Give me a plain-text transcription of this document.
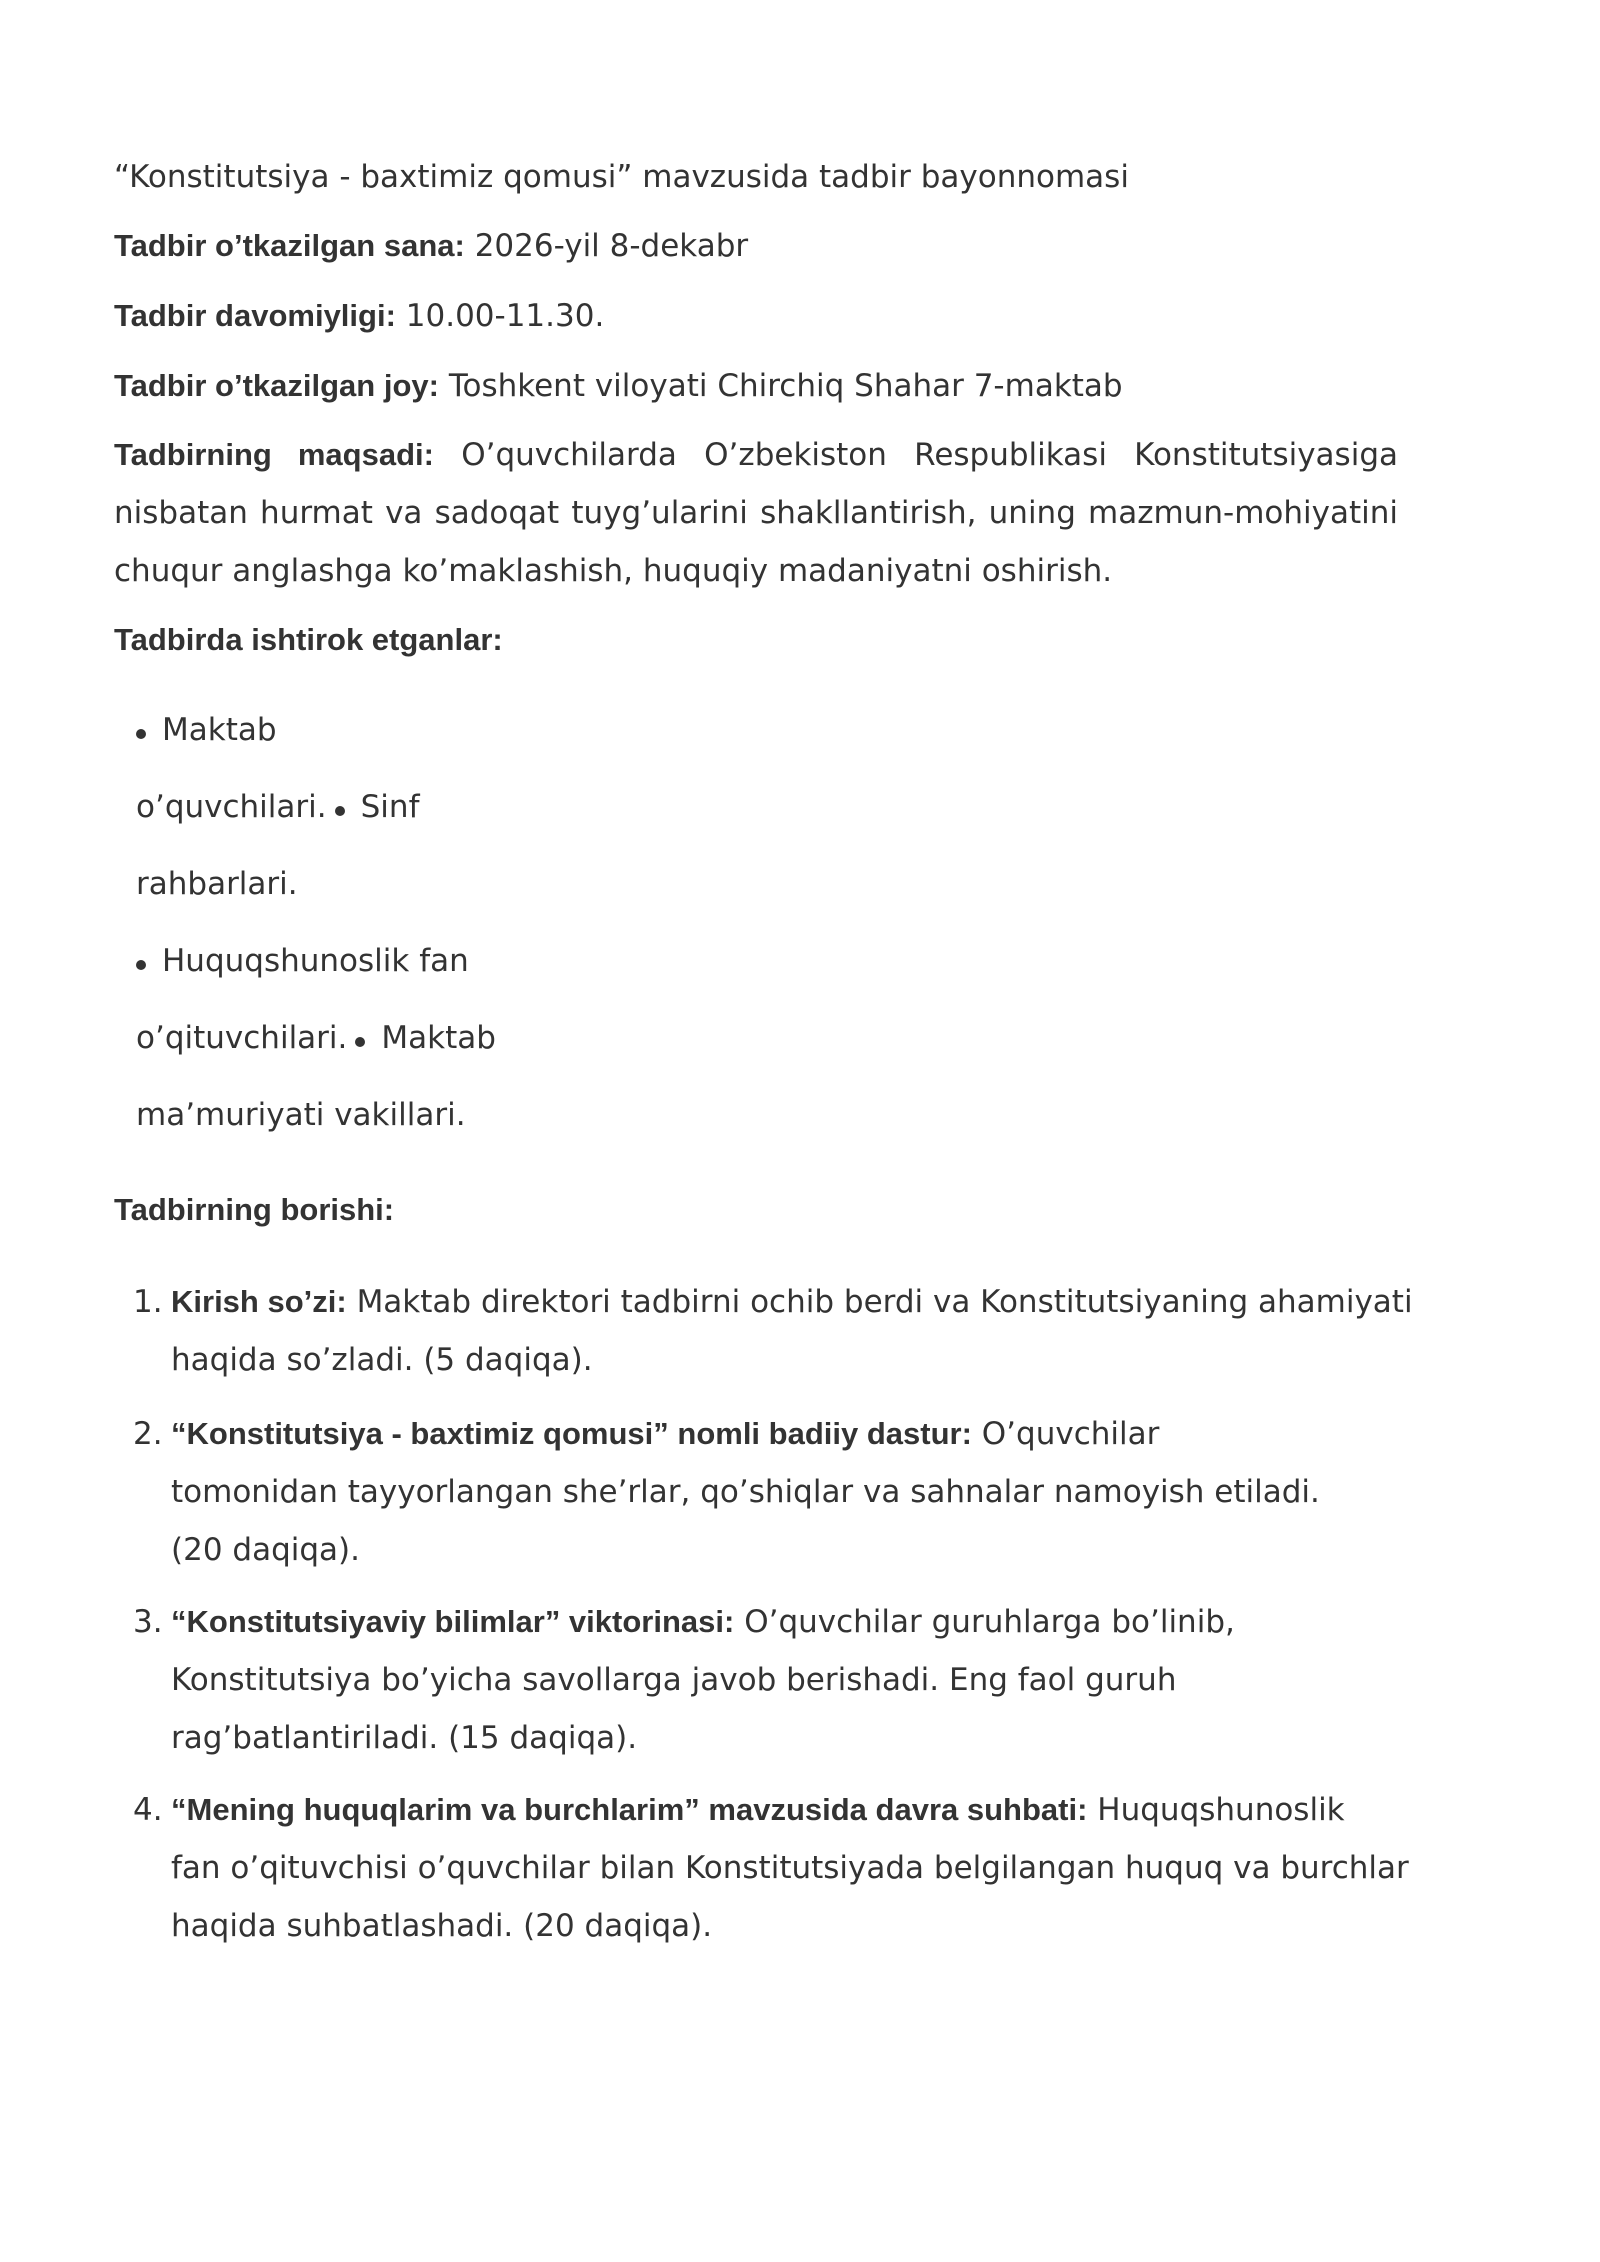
“Konstitutsiya - baxtimiz qomusi” mavzusida tadbir bayonnomasi
Tadbir o’tkazilgan sana: 2026-yil 8-dekabr
Tadbir davomiyligi: 10.00-11.30.
Tadbir o’tkazilgan joy: Toshkent viloyati Chirchiq Shahar 7-maktab
Tadbirning maqsadi: O’quvchilarda O’zbekiston Respublikasi Konstitutsiyasiga nisbatan hurmat va sadoqat tuyg’ularini shakllantirish, uning mazmun-mohiyatini chuqur anglashga ko’maklashish, huquqiy madaniyatni oshirish.
Tadbirda ishtirok etganlar:
Maktab
o’quvchilari. Sinf
rahbarlari.
Huquqshunoslik fan
o’qituvchilari. Maktab
ma’muriyati vakillari.
Tadbirning borishi:
1. Kirish so’zi: Maktab direktori tadbirni ochib berdi va Konstitutsiyaning ahamiyati
haqida so’zladi. (5 daqiqa).
2. “Konstitutsiya - baxtimiz qomusi” nomli badiiy dastur: O’quvchilar
tomonidan tayyorlangan she’rlar, qo’shiqlar va sahnalar namoyish etiladi.
(20 daqiqa).
3. “Konstitutsiyaviy bilimlar” viktorinasi: O’quvchilar guruhlarga bo’linib,
Konstitutsiya bo’yicha savollarga javob berishadi. Eng faol guruh
rag’batlantiriladi. (15 daqiqa).
4. “Mening huquqlarim va burchlarim” mavzusida davra suhbati: Huquqshunoslik
fan o’qituvchisi o’quvchilar bilan Konstitutsiyada belgilangan huquq va burchlar
haqida suhbatlashadi. (20 daqiqa).
